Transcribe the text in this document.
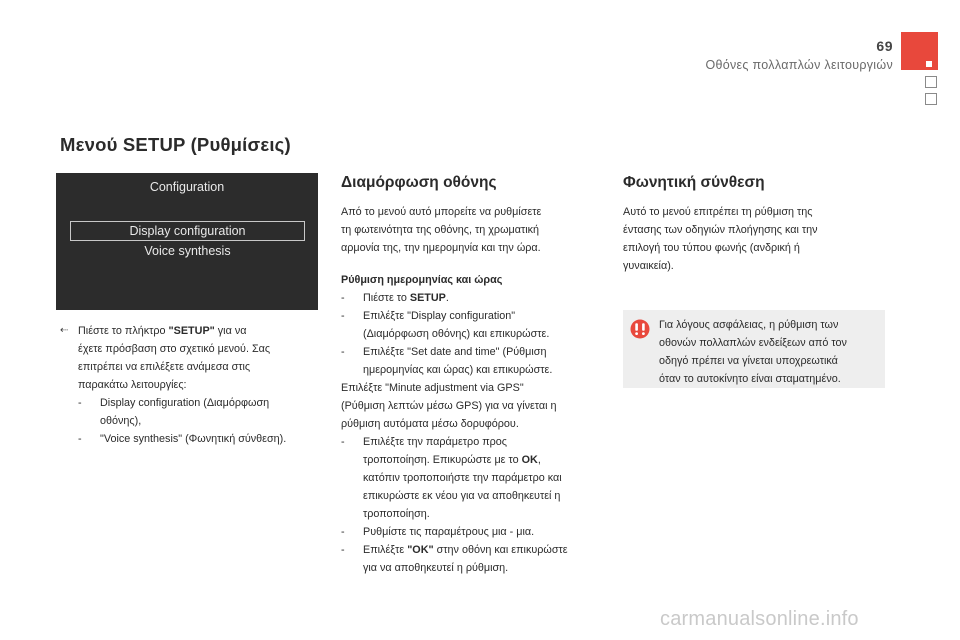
69
Οθόνες πολλαπλών λειτουργιών
Μενού SETUP (Ρυθμίσεις)
Configuration
Display configuration
Voice synthesis
⇠ Πιέστε το πλήκτρο "SETUP" για να

έχετε πρόσβαση στο σχετικό μενού. Σας

επιτρέπει να επιλέξετε ανάμεσα στις

παρακάτω λειτουργίες:

-	Display configuration (Διαμόρφωση

οθόνης),

-	"Voice synthesis" (Φωνητική σύνθεση).
Διαμόρφωση οθόνης

Από το μενού αυτό μπορείτε να ρυθμίσετε

τη φωτεινότητα της οθόνης, τη χρωματική

αρμονία της, την ημερομηνία και την ώρα.

Ρύθμιση ημερομηνίας και ώρας
-	Πιέστε το SETUP.
-	Επιλέξτε "Display configuration"

(Διαμόρφωση οθόνης) και επικυρώστε.

-	Επιλέξτε "Set date and time" (Ρύθμιση

ημερομηνίας και ώρας) και επικυρώστε.

Επιλέξτε "Minute adjustment via GPS"

(Ρύθμιση λεπτών μέσω GPS) για να γίνεται η

ρύθμιση αυτόματα μέσω δορυφόρου.

-	Επιλέξτε την παράμετρο προς

τροποποίηση. Επικυρώστε με το OK,

κατόπιν τροποποιήστε την παράμετρο και

επικυρώστε εκ νέου για να αποθηκευτεί η

τροποποίηση.

-	Ρυθμίστε τις παραμέτρους μια - μια.
-	Επιλέξτε "OK" στην οθόνη και επικυρώστε

για να αποθηκευτεί η ρύθμιση.

Φωνητική σύνθεση

Αυτό το μενού επιτρέπει τη ρύθμιση της

έντασης των οδηγιών πλοήγησης και την

επιλογή του τύπου φωνής (ανδρική ή

γυναικεία).

Για λόγους ασφάλειας, η ρύθμιση των

οθονών πολλαπλών ενδείξεων από τον

οδηγό πρέπει να γίνεται υποχρεωτικά

όταν το αυτοκίνητο είναι σταματημένο.

carmanualsonline.info
